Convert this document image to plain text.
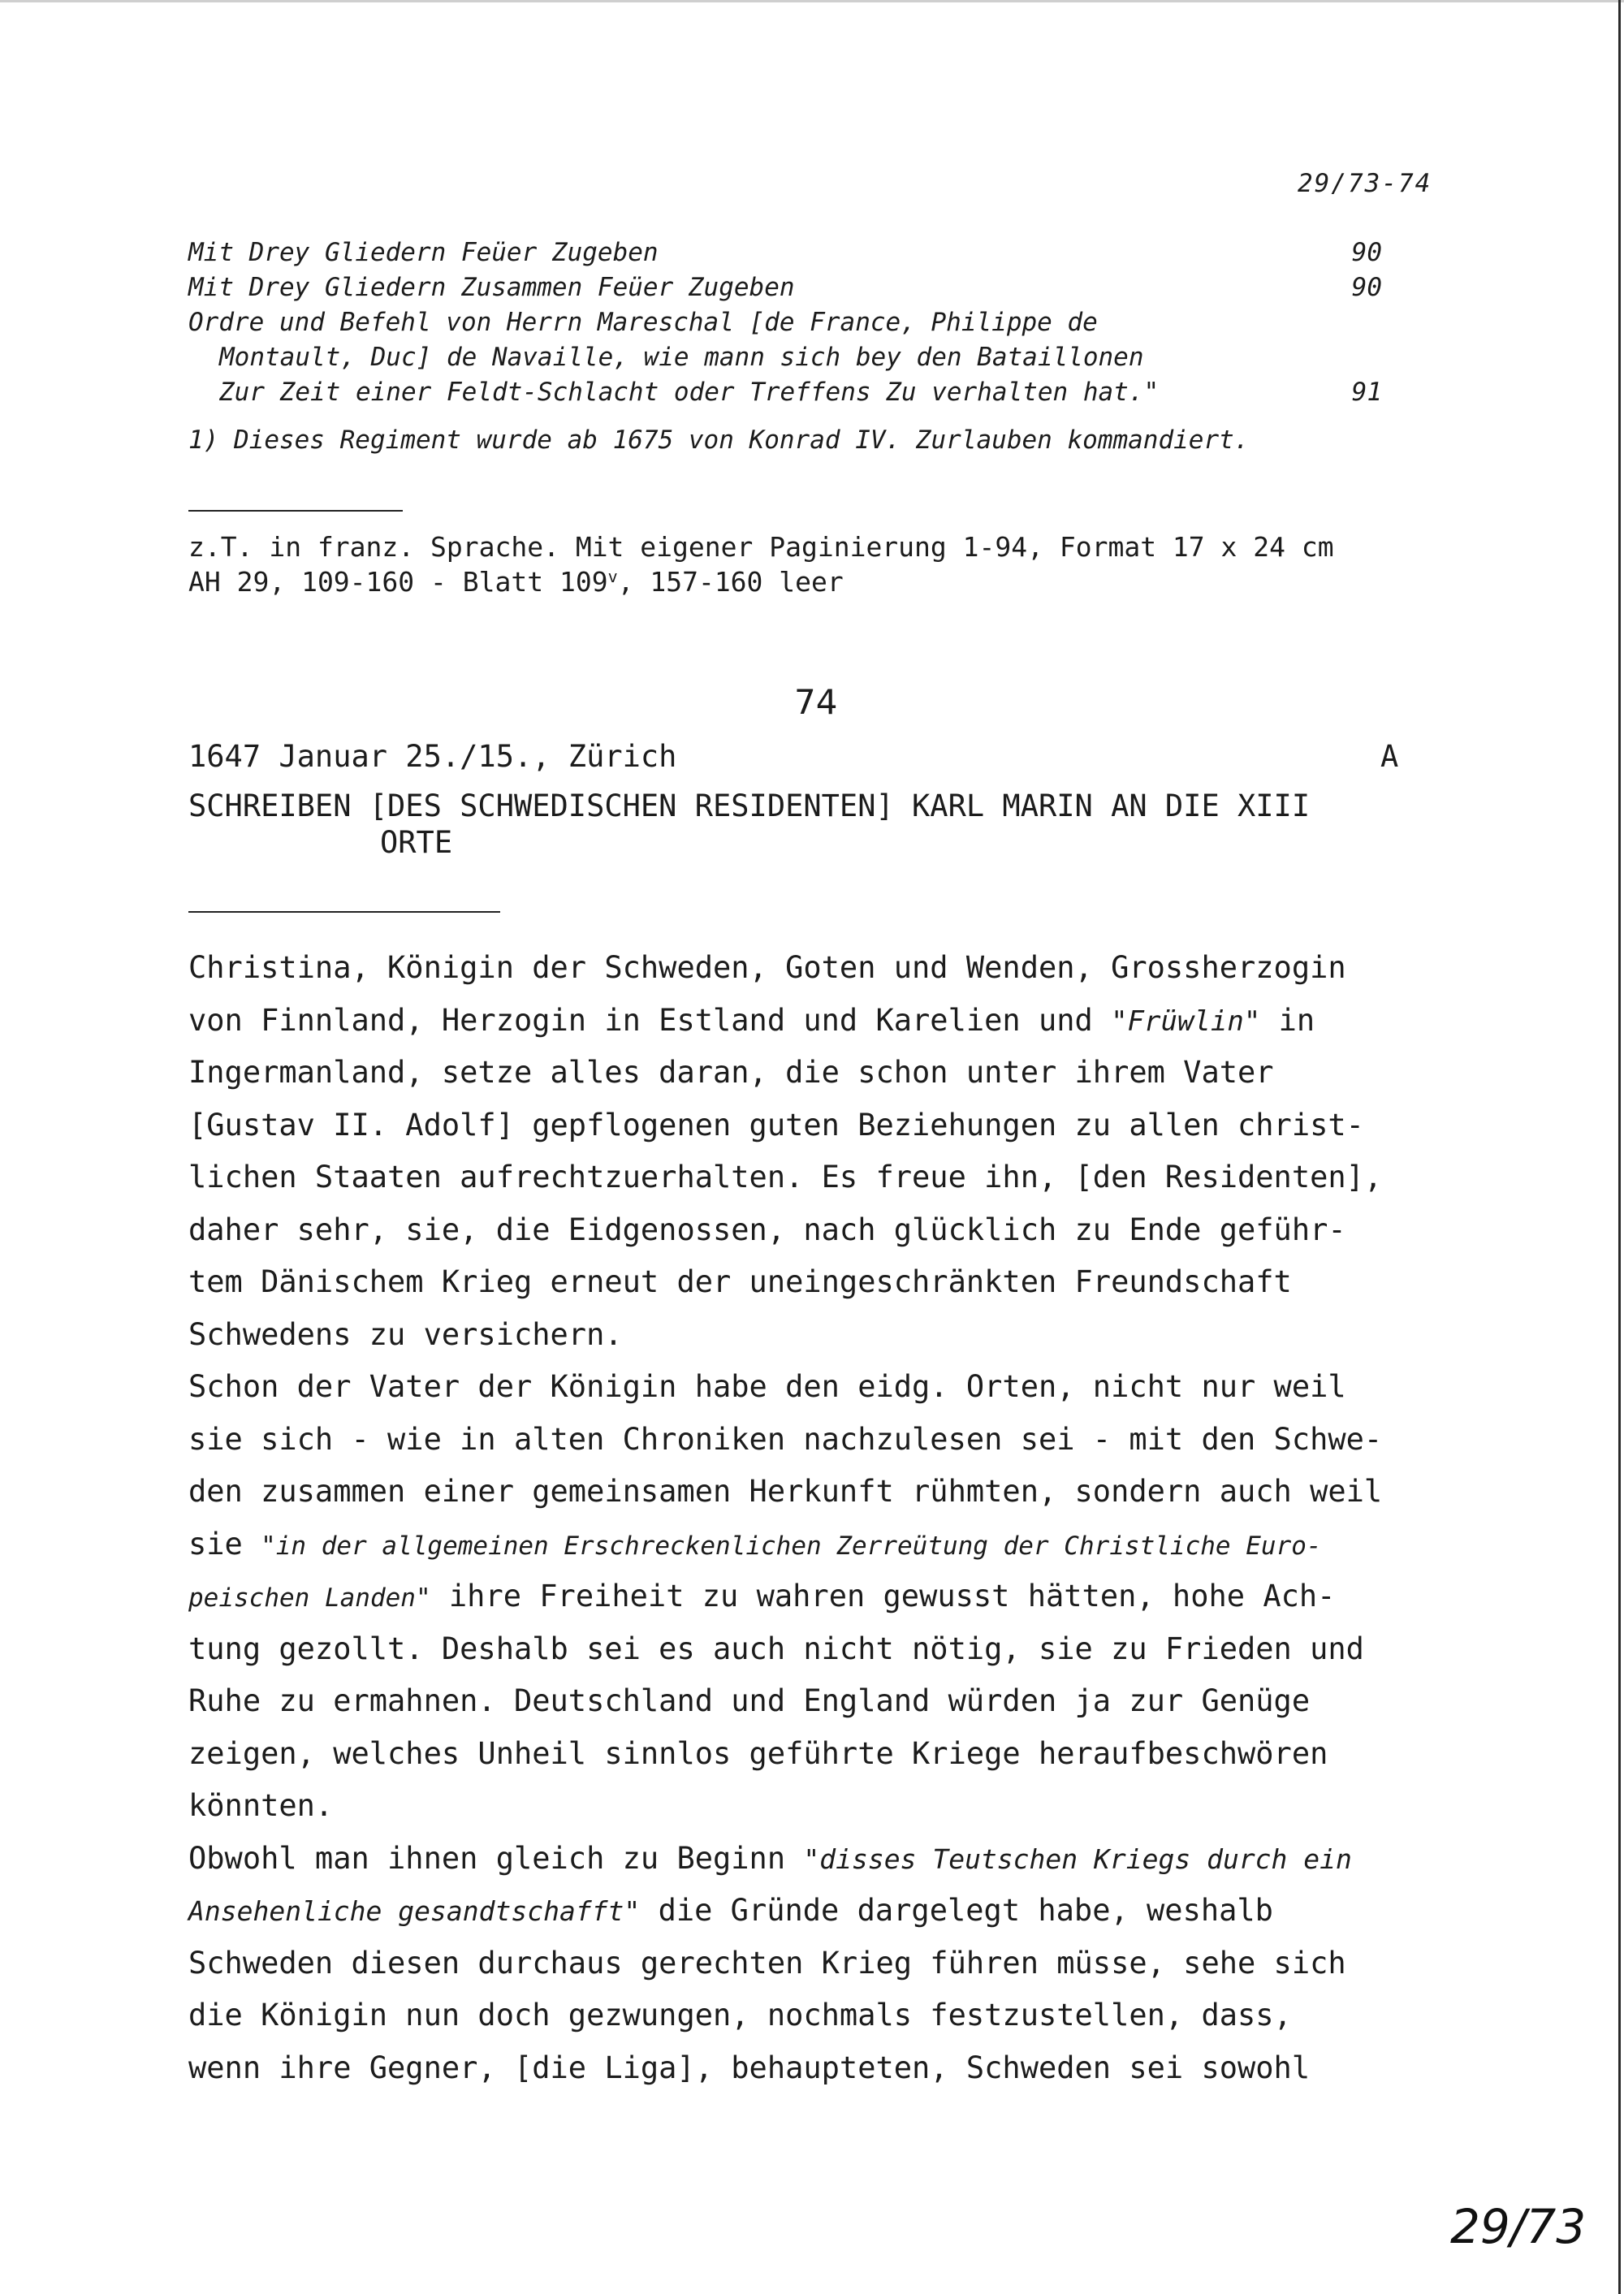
29/73-74
Mit Drey Gliedern Feüer Zugeben	90
Mit Drey Gliedern Zusammen Feüer Zugeben	90
Ordre und Befehl von Herrn Mareschal [de France, Philippe de
Montault, Duc] de Navaille, wie mann sich bey den Bataillonen
Zur Zeit einer Feldt-Schlacht oder Treffens Zu verhalten hat."	91
1) Dieses Regiment wurde ab 1675 von Konrad IV. Zurlauben kommandiert.
z.T. in franz. Sprache. Mit eigener Paginierung 1-94, Format 17 x 24 cm
AH 29, 109-160 - Blatt 109$^v$, 157-160 leer
74
1647 Januar 25./15., Zürich	A
SCHREIBEN [DES SCHWEDISCHEN RESIDENTEN] KARL MARIN AN DIE XIII
ORTE
Christina, Königin der Schweden, Goten und Wenden, Grossherzogin
von Finnland, Herzogin in Estland und Karelien und "Früwlin" in
Ingermanland, setze alles daran, die schon unter ihrem Vater
[Gustav II. Adolf] gepflogenen guten Beziehungen zu allen christ-
lichen Staaten aufrechtzuerhalten. Es freue ihn, [den Residenten],
daher sehr, sie, die Eidgenossen, nach glücklich zu Ende geführ-
tem Dänischem Krieg erneut der uneingeschränkten Freundschaft
Schwedens zu versichern.
Schon der Vater der Königin habe den eidg. Orten, nicht nur weil
sie sich - wie in alten Chroniken nachzulesen sei - mit den Schwe-
den zusammen einer gemeinsamen Herkunft rühmten, sondern auch weil
sie "in der allgemeinen Erschreckenlichen Zerreütung der Christliche Euro-
peischen Landen" ihre Freiheit zu wahren gewusst hätten, hohe Ach-
tung gezollt. Deshalb sei es auch nicht nötig, sie zu Frieden und
Ruhe zu ermahnen. Deutschland und England würden ja zur Genüge
zeigen, welches Unheil sinnlos geführte Kriege heraufbeschwören
könnten.
Obwohl man ihnen gleich zu Beginn "disses Teutschen Kriegs durch ein
Ansehenliche gesandtschafft" die Gründe dargelegt habe, weshalb
Schweden diesen durchaus gerechten Krieg führen müsse, sehe sich
die Königin nun doch gezwungen, nochmals festzustellen, dass,
wenn ihre Gegner, [die Liga], behaupteten, Schweden sei sowohl
29/73
